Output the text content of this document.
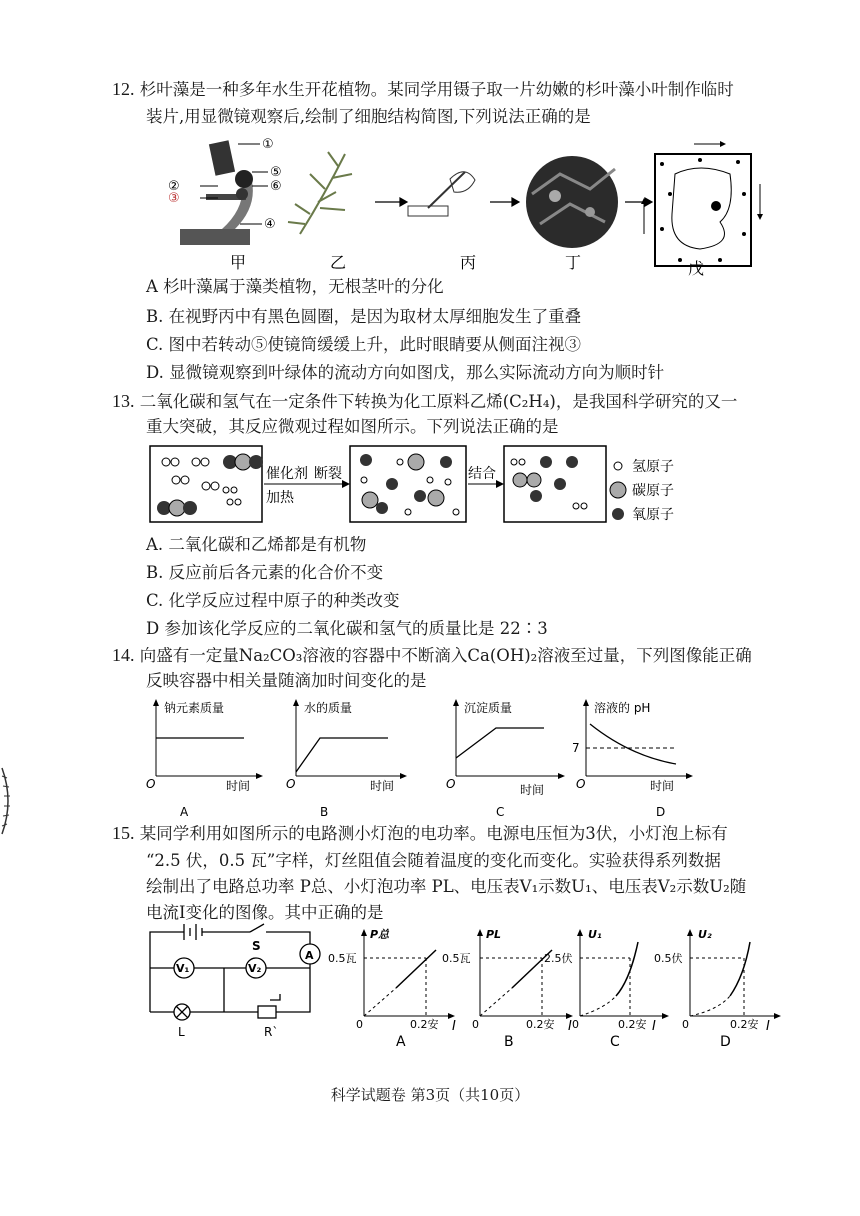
12. 杉叶藻是一种多年水生开花植物。某同学用镊子取一片幼嫩的杉叶藻小叶制作临时
装片,用显微镜观察后,绘制了细胞结构简图,下列说法正确的是
①
②
③
④
⑤
⑥
甲	乙	丙	丁	戊
A 杉叶藻属于藻类植物，无根茎叶的分化
B. 在视野丙中有黑色圆圈，是因为取材太厚细胞发生了重叠
C. 图中若转动⑤使镜筒缓缓上升，此时眼睛要从侧面注视③
D. 显微镜观察到叶绿体的流动方向如图戊，那么实际流动方向为顺时针
13. 二氧化碳和氢气在一定条件下转换为化工原料乙烯(C₂H₄)，是我国科学研究的又一
重大突破，其反应微观过程如图所示。下列说法正确的是
催化剂 断裂
加热
结合	氢原子
碳原子
氧原子
A. 二氧化碳和乙烯都是有机物
B. 反应前后各元素的化合价不变
C. 化学反应过程中原子的种类改变
D 参加该化学反应的二氧化碳和氢气的质量比是 22∶3
14. 向盛有一定量Na₂CO₃溶液的容器中不断滴入Ca(OH)₂溶液至过量，下列图像能正确
反映容器中相关量随滴加时间变化的是
钠元素质量
O	时间
A
水的质量
O	时间
B
沉淀质量
O	时间
C
溶液的 pH
7
O	时间
D
15. 某同学利用如图所示的电路测小灯泡的电功率。电源电压恒为3伏，小灯泡上标有
“2.5 伏，0.5 瓦”字样，灯丝阻值会随着温度的变化而变化。实验获得系列数据
绘制出了电路总功率 P总、小灯泡功率 PL、电压表V₁示数U₁、电压表V₂示数U₂随
电流I变化的图像。其中正确的是
S
A
V₁	V₂
L	R`
P总
0.5瓦
0	0.2安 I
A
PL
0.5瓦
0	0.2安 I
B
U₁
2.5伏
0	0.2安 I
C
U₂
0.5伏
0	0.2安 I
D
科学试题卷 第3页（共10页）
